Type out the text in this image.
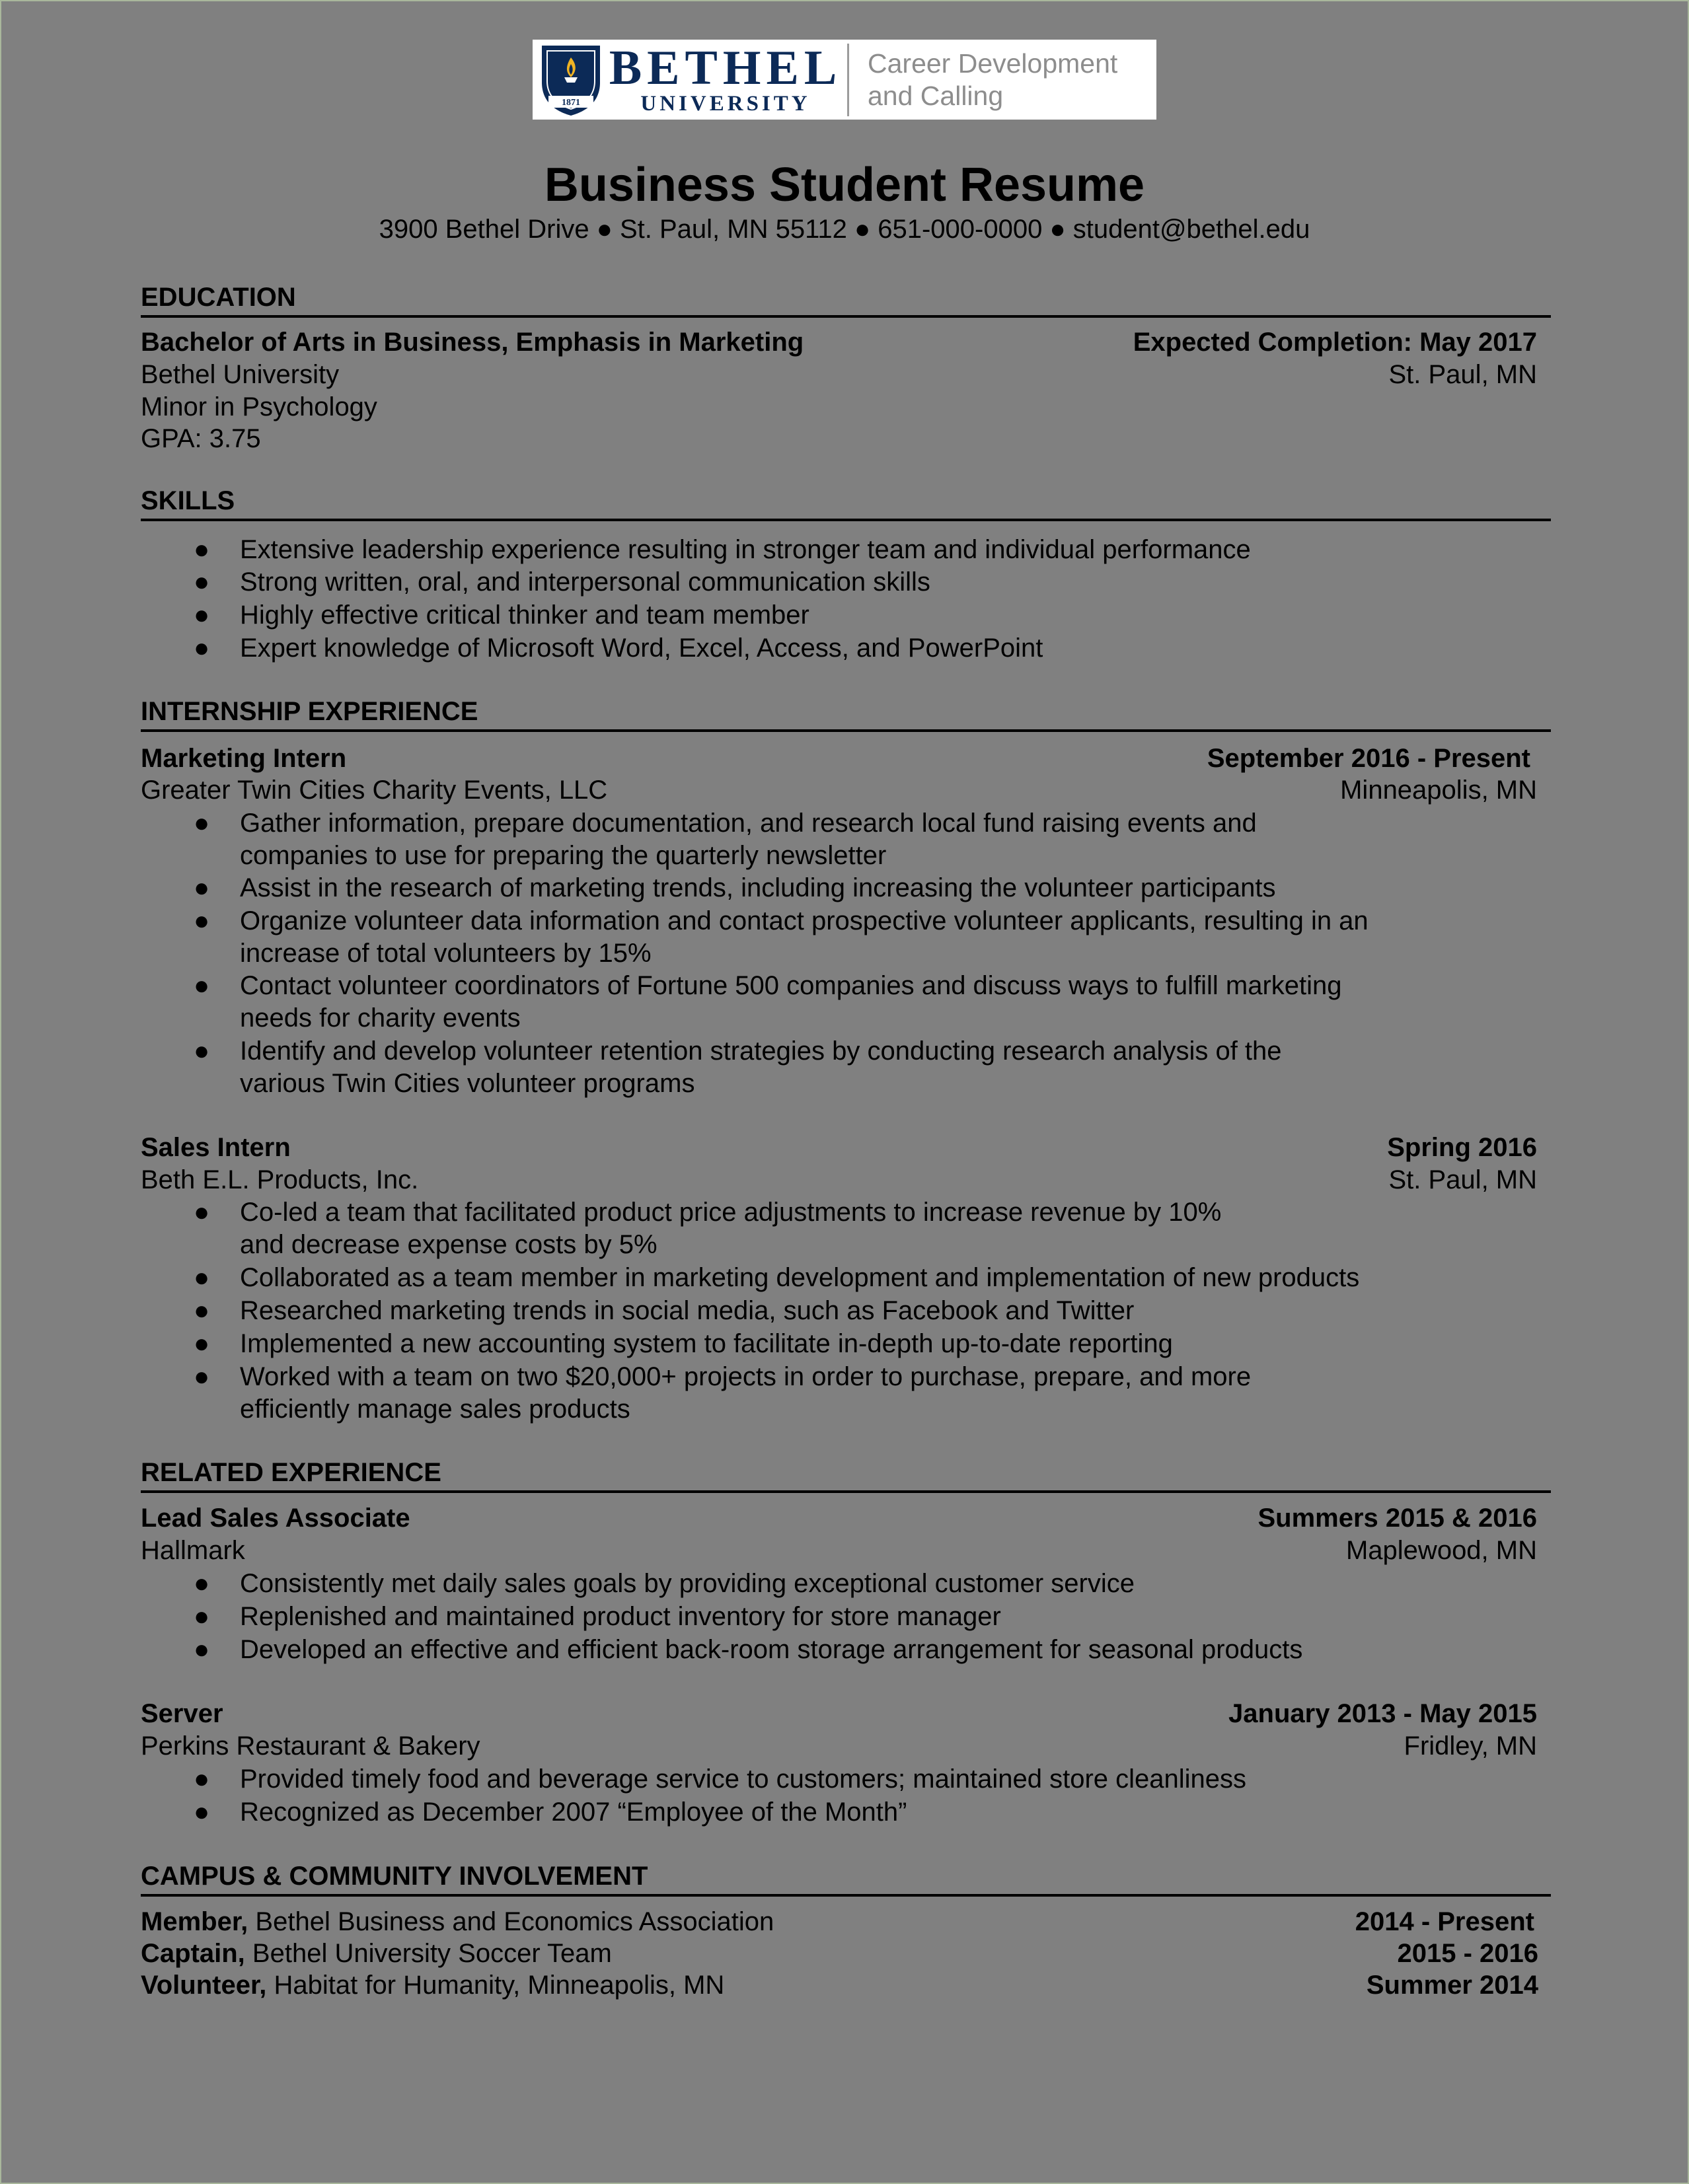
1871
BETHEL
UNIVERSITY
Career Development
and Calling
Business Student Resume
3900 Bethel Drive ● St. Paul, MN 55112 ● 651-000-0000 ● student@bethel.edu
EDUCATION
Bachelor of Arts in Business, Emphasis in Marketing	Expected Completion: May 2017
Bethel University	St. Paul, MN
Minor in Psychology
GPA: 3.75
SKILLS
● Extensive leadership experience resulting in stronger team and individual performance
● Strong written, oral, and interpersonal communication skills
● Highly effective critical thinker and team member
● Expert knowledge of Microsoft Word, Excel, Access, and PowerPoint
INTERNSHIP EXPERIENCE
Marketing Intern	September 2016 - Present
Greater Twin Cities Charity Events, LLC	Minneapolis, MN
● Gather information, prepare documentation, and research local fund raising events and
companies to use for preparing the quarterly newsletter
● Assist in the research of marketing trends, including increasing the volunteer participants
● Organize volunteer data information and contact prospective volunteer applicants, resulting in an
increase of total volunteers by 15%
● Contact volunteer coordinators of Fortune 500 companies and discuss ways to fulfill marketing
needs for charity events
● Identify and develop volunteer retention strategies by conducting research analysis of the
various Twin Cities volunteer programs
Sales Intern	Spring 2016
Beth E.L. Products, Inc.	St. Paul, MN
● Co-led a team that facilitated product price adjustments to increase revenue by 10%
and decrease expense costs by 5%
● Collaborated as a team member in marketing development and implementation of new products
● Researched marketing trends in social media, such as Facebook and Twitter
● Implemented a new accounting system to facilitate in-depth up-to-date reporting
● Worked with a team on two $20,000+ projects in order to purchase, prepare, and more
efficiently manage sales products
RELATED EXPERIENCE
Lead Sales Associate	Summers 2015 & 2016
Hallmark	Maplewood, MN
● Consistently met daily sales goals by providing exceptional customer service
● Replenished and maintained product inventory for store manager
● Developed an effective and efficient back-room storage arrangement for seasonal products
Server	January 2013 - May 2015
Perkins Restaurant & Bakery	Fridley, MN
● Provided timely food and beverage service to customers; maintained store cleanliness
● Recognized as December 2007 “Employee of the Month”
CAMPUS & COMMUNITY INVOLVEMENT
Member, Bethel Business and Economics Association	2014 - Present
Captain, Bethel University Soccer Team	2015 - 2016
Volunteer, Habitat for Humanity, Minneapolis, MN	Summer 2014
